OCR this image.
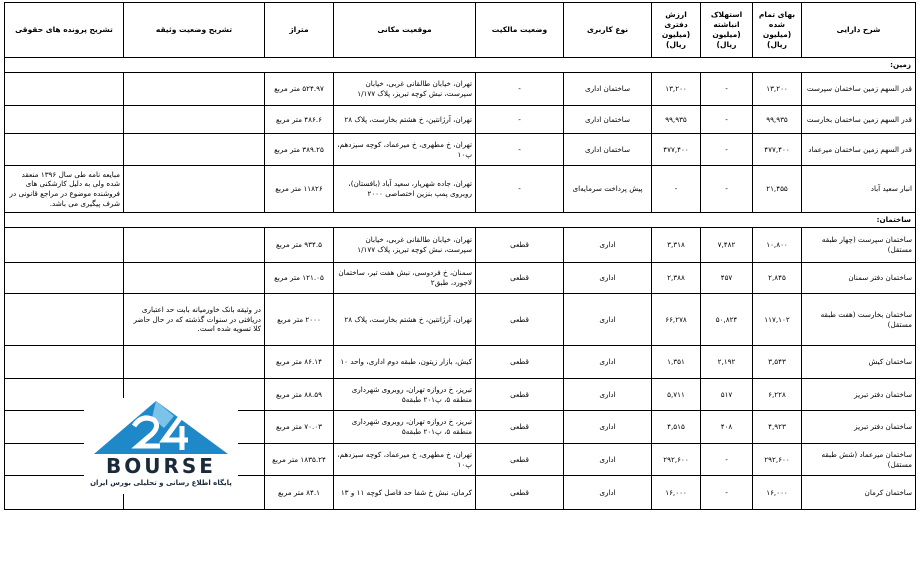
شرح دارایی	بهای تمام شده (میلیون ریال)	استهلاک انباشته (میلیون ریال)	ارزش دفتری (میلیون ریال)	نوع کاربری	وضعیت مالکیت	موقعیت مکانی	متراژ	تشریح وضعیت وثیقه	تشریح پرونده های حقوقی
زمین:									
قدر السهم زمین ساختمان سپرست	۱۳,۲۰۰	-	۱۳,۲۰۰	ساختمان اداری	-	تهران، خیابان طالقانی غربی، خیابان سپرست، نبش کوچه تبریز، پلاک ۱/۱۷۷	۵۲۴.۹۷ متر مربع		
قدر السهم زمین ساختمان بخارست	۹۹,۹۳۵	-	۹۹,۹۳۵	ساختمان اداری	-	تهران، آرژانتین، خ هشتم بخارست، پلاک ۲۸	۴۸۶.۶ متر مربع		
قدر السهم زمین ساختمان میرعماد	۴۷۷,۴۰۰	-	۴۷۷,۴۰۰	ساختمان اداری	-	تهران، خ مطهری، خ میرعماد، کوچه سیزدهم، پ۱۰	۳۸۹.۲۵ متر مربع		
انبار سعید آباد	۲۱,۴۵۵	-	-	پیش پرداخت سرمایه‌ای	-	تهران، جاده شهریار، سعید آباد (بافستان)، روبروی پمپ بنزین اختصاصی ۲۰۰۰	۱۱۸۲۶ متر مربع		مبایعه نامه طی سال ۱۳۹۶ منعقد شده ولی به دلیل کارشکنی های فروشنده موضوع در مراجع قانونی در شرف پیگیری می باشد.
ساختمان:									
ساختمان سپرست (چهار طبقه مستقل)	۱۰,۸۰۰	۷,۴۸۲	۳,۳۱۸	اداری	قطعی	تهران، خیابان طالقانی غربی، خیابان سپرست، نبش کوچه تبریز، پلاک ۱/۱۷۷	۹۳۴.۵ متر مربع		
ساختمان دفتر سمنان	۲,۸۴۵	۴۵۷	۲,۳۸۸	اداری	قطعی	سمنان، خ فردوسی، نبش هفت تیر، ساختمان لاجورد، طبق۲	۱۲۱.۰۵ متر مربع		
ساختمان بخارست (هفت طبقه مستقل)	۱۱۷,۱۰۲	۵۰,۸۲۴	۶۶,۲۷۸	اداری	قطعی	تهران، آرژانتین، خ هشتم بخارست، پلاک ۲۸	۲۰۰۰ متر مربع	در وثیقه بانک خاورمیانه بابت حد اعتباری دریافتی در سنوات گذشته که در حال حاضر کلا تسویه شده است.	
ساختمان کیش	۳,۵۴۳	۲,۱۹۲	۱,۳۵۱	اداری	قطعی	کیش، بازار زیتون، طبقه دوم اداری، واحد ۱۰	۸۶.۱۴ متر مربع		
ساختمان دفتر تبریز	۶,۲۲۸	۵۱۷	۵,۷۱۱	اداری	قطعی	تبریز، خ دروازه تهران، روبروی شهرداری منطقه ۵، پ۲۰۱ طبقه۵	۸۸.۵۹ متر مربع		
ساختمان دفتر تبریز	۴,۹۲۳	۴۰۸	۴,۵۱۵	اداری	قطعی	تبریز، خ دروازه تهران، روبروی شهرداری منطقه ۵، پ۲۰۱ طبقه۵	۷۰.۰۳ متر مربع		
ساختمان میرعماد (شش طبقه مستقل)	۲۹۲,۶۰۰	-	۲۹۲,۶۰۰	اداری	قطعی	تهران، خ مطهری، خ میرعماد، کوچه سیزدهم، پ۱۰	۱۸۳۵.۲۴ متر مربع		
ساختمان کرمان	۱۶,۰۰۰	-	۱۶,۰۰۰	اداری	قطعی	کرمان، نبش خ شفا حد فاصل کوچه ۱۱ و ۱۳	۸۴.۱ متر مربع		
BOURSE
پایگاه اطلاع رسانی و تحلیلی بورس ایران
